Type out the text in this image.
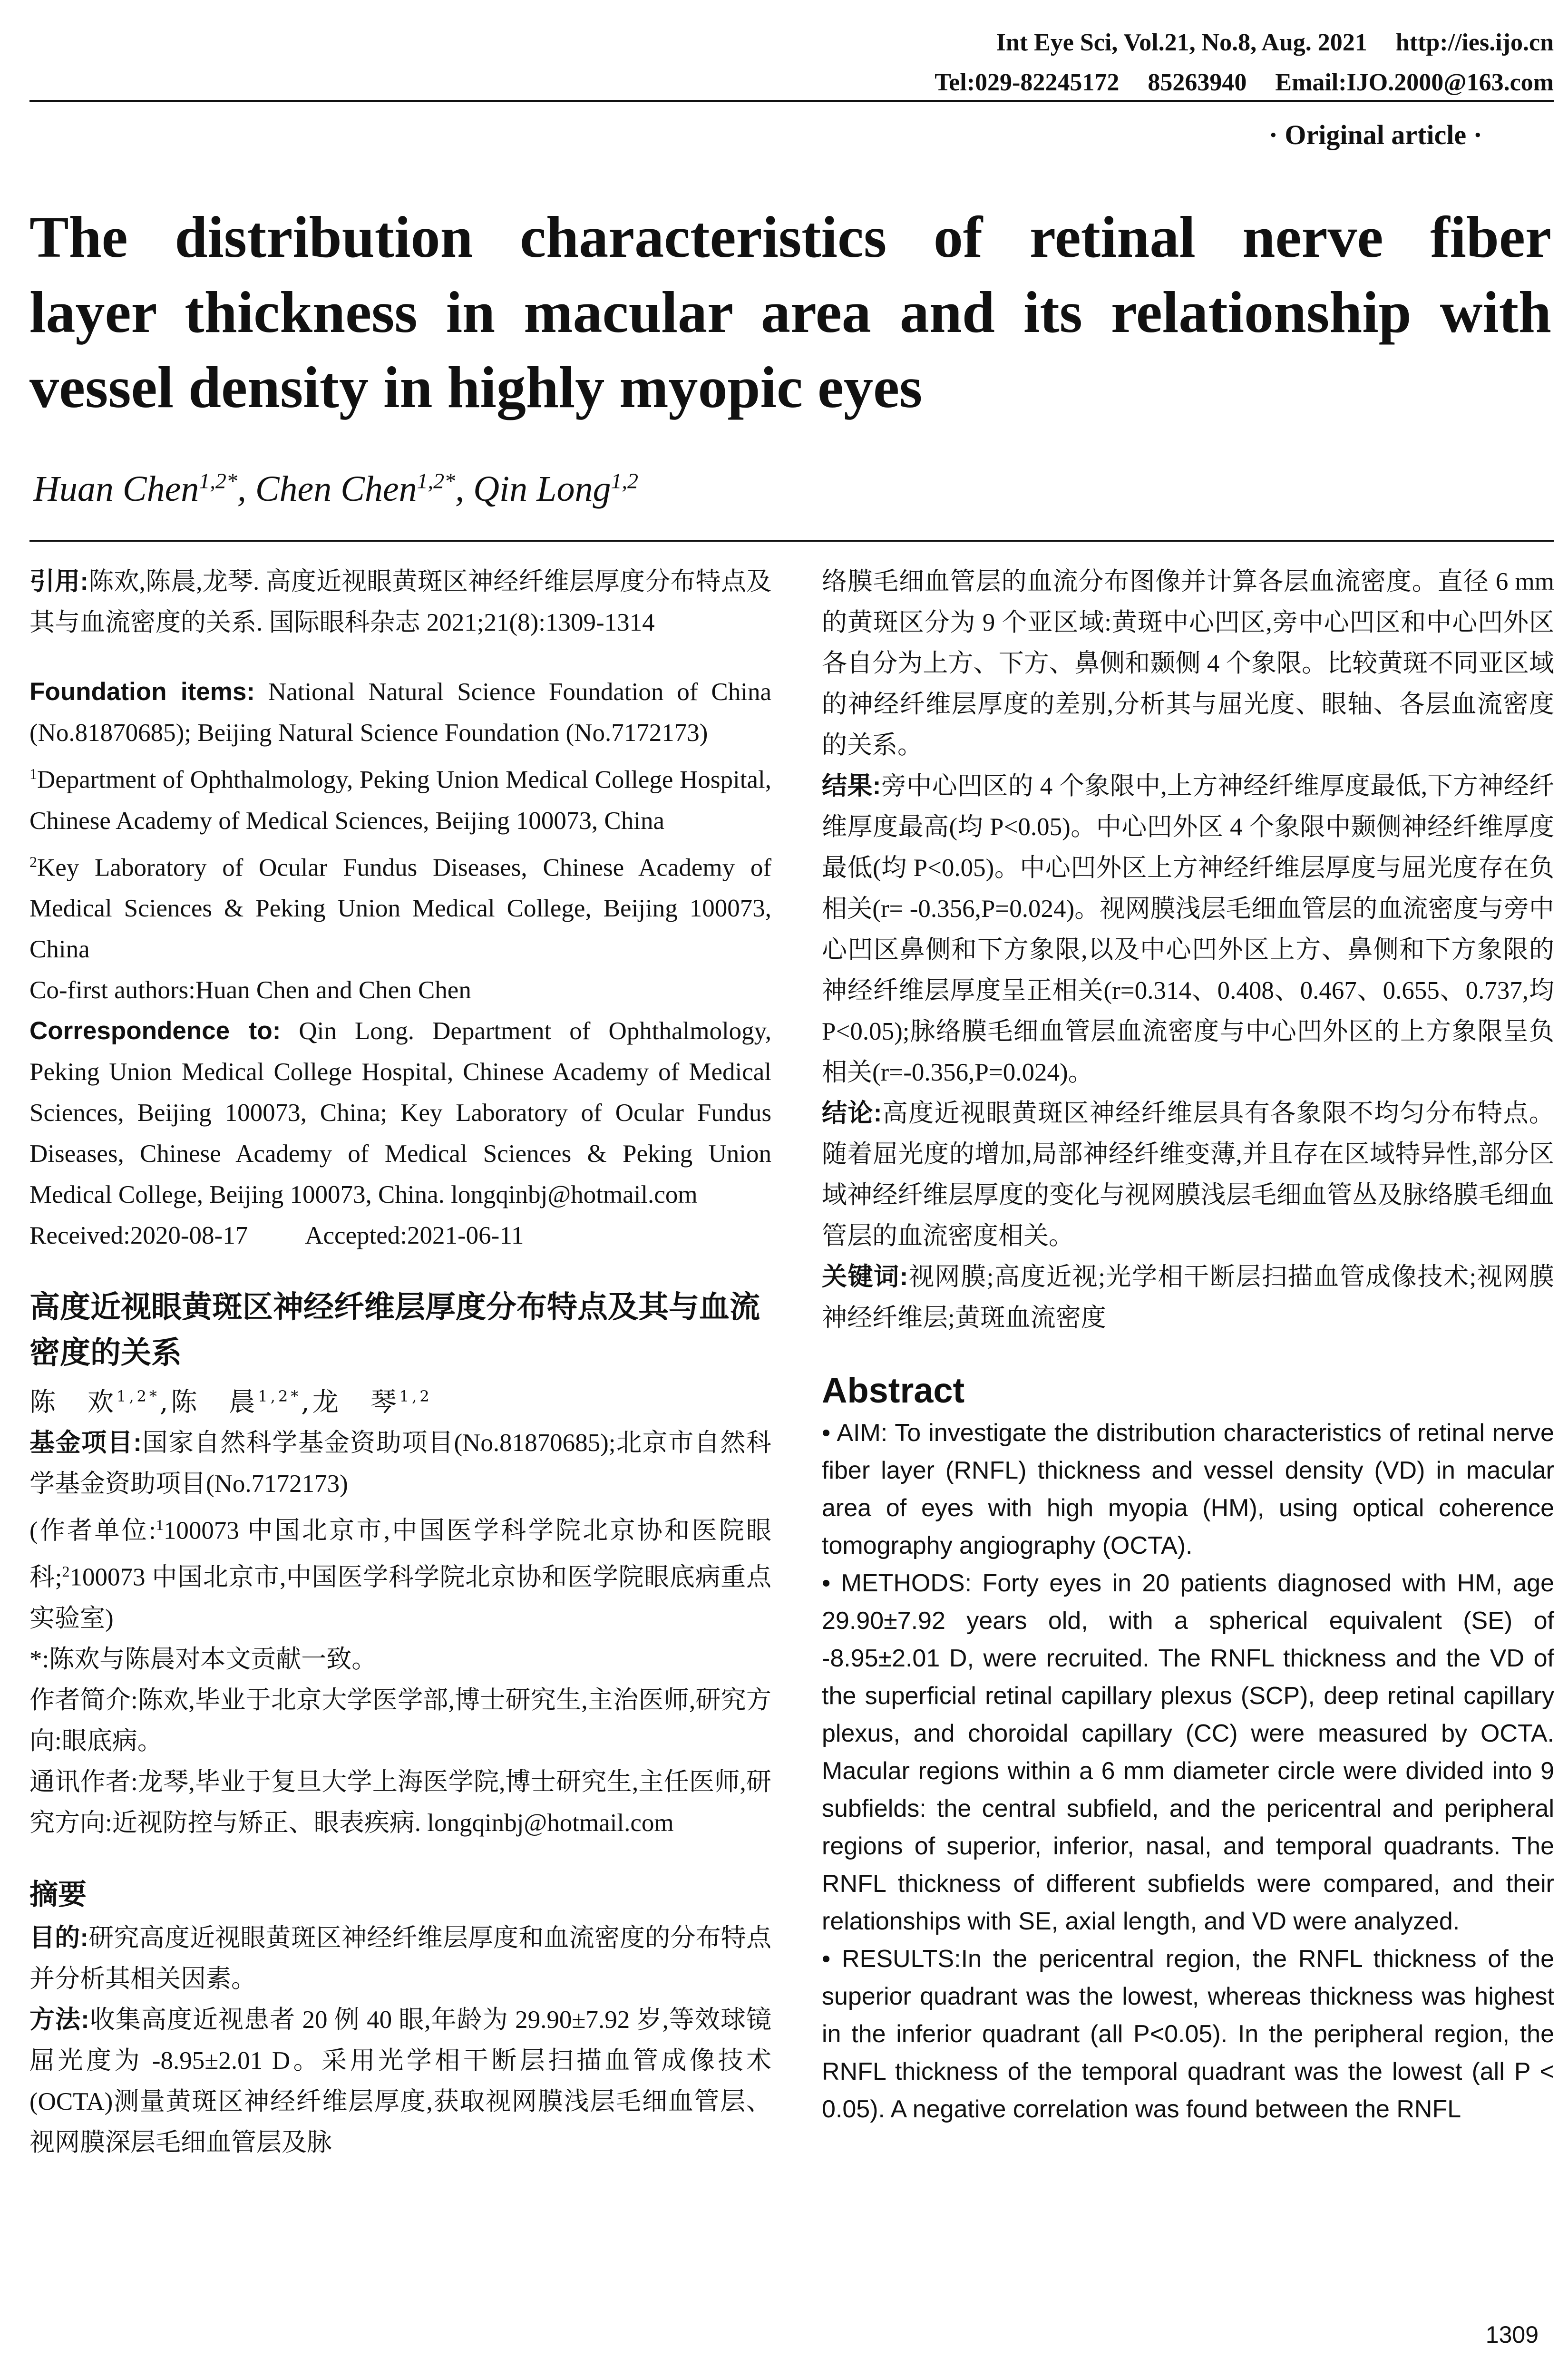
Int Eye Sci, Vol.21, No.8, Aug. 2021 http://ies.ijo.cn
Tel:029-82245172 85263940 Email:IJO.2000@163.com
· Original article ·
The distribution characteristics of retinal nerve fiber
layer thickness in macular area and its relationship with
vessel density in highly myopic eyes
Huan Chen$^{1,2*}$, Chen Chen$^{1,2*}$, Qin Long$^{1,2}$

引用:陈欢,陈晨,龙琴. 高度近视眼黄斑区神经纤维层厚度分布特点及其与血流密度的关系. 国际眼科杂志 2021;21(8):1309-1314

Foundation items: National Natural Science Foundation of China (No.81870685); Beijing Natural Science Foundation (No.7172173)

$^1$Department of Ophthalmology, Peking Union Medical College Hospital, Chinese Academy of Medical Sciences, Beijing 100073, China

$^2$Key Laboratory of Ocular Fundus Diseases, Chinese Academy of Medical Sciences & Peking Union Medical College, Beijing 100073, China

Co-first authors:Huan Chen and Chen Chen

Correspondence to: Qin Long. Department of Ophthalmology, Peking Union Medical College Hospital, Chinese Academy of Medical Sciences, Beijing 100073, China; Key Laboratory of Ocular Fundus Diseases, Chinese Academy of Medical Sciences & Peking Union Medical College, Beijing 100073, China. longqinbj@hotmail.com

Received:2020-08-17 Accepted:2021-06-11

高度近视眼黄斑区神经纤维层厚度分布特点及其与血流密度的关系

陈　欢$^{1,2*}$,陈　晨$^{1,2*}$,龙　琴$^{1,2}$

基金项目:国家自然科学基金资助项目(No.81870685);北京市自然科学基金资助项目(No.7172173)

(作者单位:$^1$100073 中国北京市,中国医学科学院北京协和医院眼科;$^2$100073 中国北京市,中国医学科学院北京协和医学院眼底病重点实验室)

*:陈欢与陈晨对本文贡献一致。

作者简介:陈欢,毕业于北京大学医学部,博士研究生,主治医师,研究方向:眼底病。

通讯作者:龙琴,毕业于复旦大学上海医学院,博士研究生,主任医师,研究方向:近视防控与矫正、眼表疾病. longqinbj@hotmail.com

摘要

目的:研究高度近视眼黄斑区神经纤维层厚度和血流密度的分布特点并分析其相关因素。

方法:收集高度近视患者 20 例 40 眼,年龄为 29.90±7.92 岁,等效球镜屈光度为 -8.95±2.01 D。采用光学相干断层扫描血管成像技术(OCTA)测量黄斑区神经纤维层厚度,获取视网膜浅层毛细血管层、视网膜深层毛细血管层及脉

络膜毛细血管层的血流分布图像并计算各层血流密度。直径 6 mm 的黄斑区分为 9 个亚区域:黄斑中心凹区,旁中心凹区和中心凹外区各自分为上方、下方、鼻侧和颞侧 4 个象限。比较黄斑不同亚区域的神经纤维层厚度的差别,分析其与屈光度、眼轴、各层血流密度的关系。

结果:旁中心凹区的 4 个象限中,上方神经纤维厚度最低,下方神经纤维厚度最高(均 P<0.05)。中心凹外区 4 个象限中颞侧神经纤维厚度最低(均 P<0.05)。中心凹外区上方神经纤维层厚度与屈光度存在负相关(r= -0.356,P=0.024)。视网膜浅层毛细血管层的血流密度与旁中心凹区鼻侧和下方象限,以及中心凹外区上方、鼻侧和下方象限的神经纤维层厚度呈正相关(r=0.314、0.408、0.467、0.655、0.737,均 P<0.05);脉络膜毛细血管层血流密度与中心凹外区的上方象限呈负相关(r=-0.356,P=0.024)。

结论:高度近视眼黄斑区神经纤维层具有各象限不均匀分布特点。随着屈光度的增加,局部神经纤维变薄,并且存在区域特异性,部分区域神经纤维层厚度的变化与视网膜浅层毛细血管丛及脉络膜毛细血管层的血流密度相关。

关键词:视网膜;高度近视;光学相干断层扫描血管成像技术;视网膜神经纤维层;黄斑血流密度

Abstract

• AIM: To investigate the distribution characteristics of retinal nerve fiber layer (RNFL) thickness and vessel density (VD) in macular area of eyes with high myopia (HM), using optical coherence tomography angiography (OCTA).

• METHODS: Forty eyes in 20 patients diagnosed with HM, age 29.90±7.92 years old, with a spherical equivalent (SE) of -8.95±2.01 D, were recruited. The RNFL thickness and the VD of the superficial retinal capillary plexus (SCP), deep retinal capillary plexus, and choroidal capillary (CC) were measured by OCTA. Macular regions within a 6 mm diameter circle were divided into 9 subfields: the central subfield, and the pericentral and peripheral regions of superior, inferior, nasal, and temporal quadrants. The RNFL thickness of different subfields were compared, and their relationships with SE, axial length, and VD were analyzed.

• RESULTS:In the pericentral region, the RNFL thickness of the superior quadrant was the lowest, whereas thickness was highest in the inferior quadrant (all P<0.05). In the peripheral region, the RNFL thickness of the temporal quadrant was the lowest (all P < 0.05). A negative correlation was found between the RNFL

1309
